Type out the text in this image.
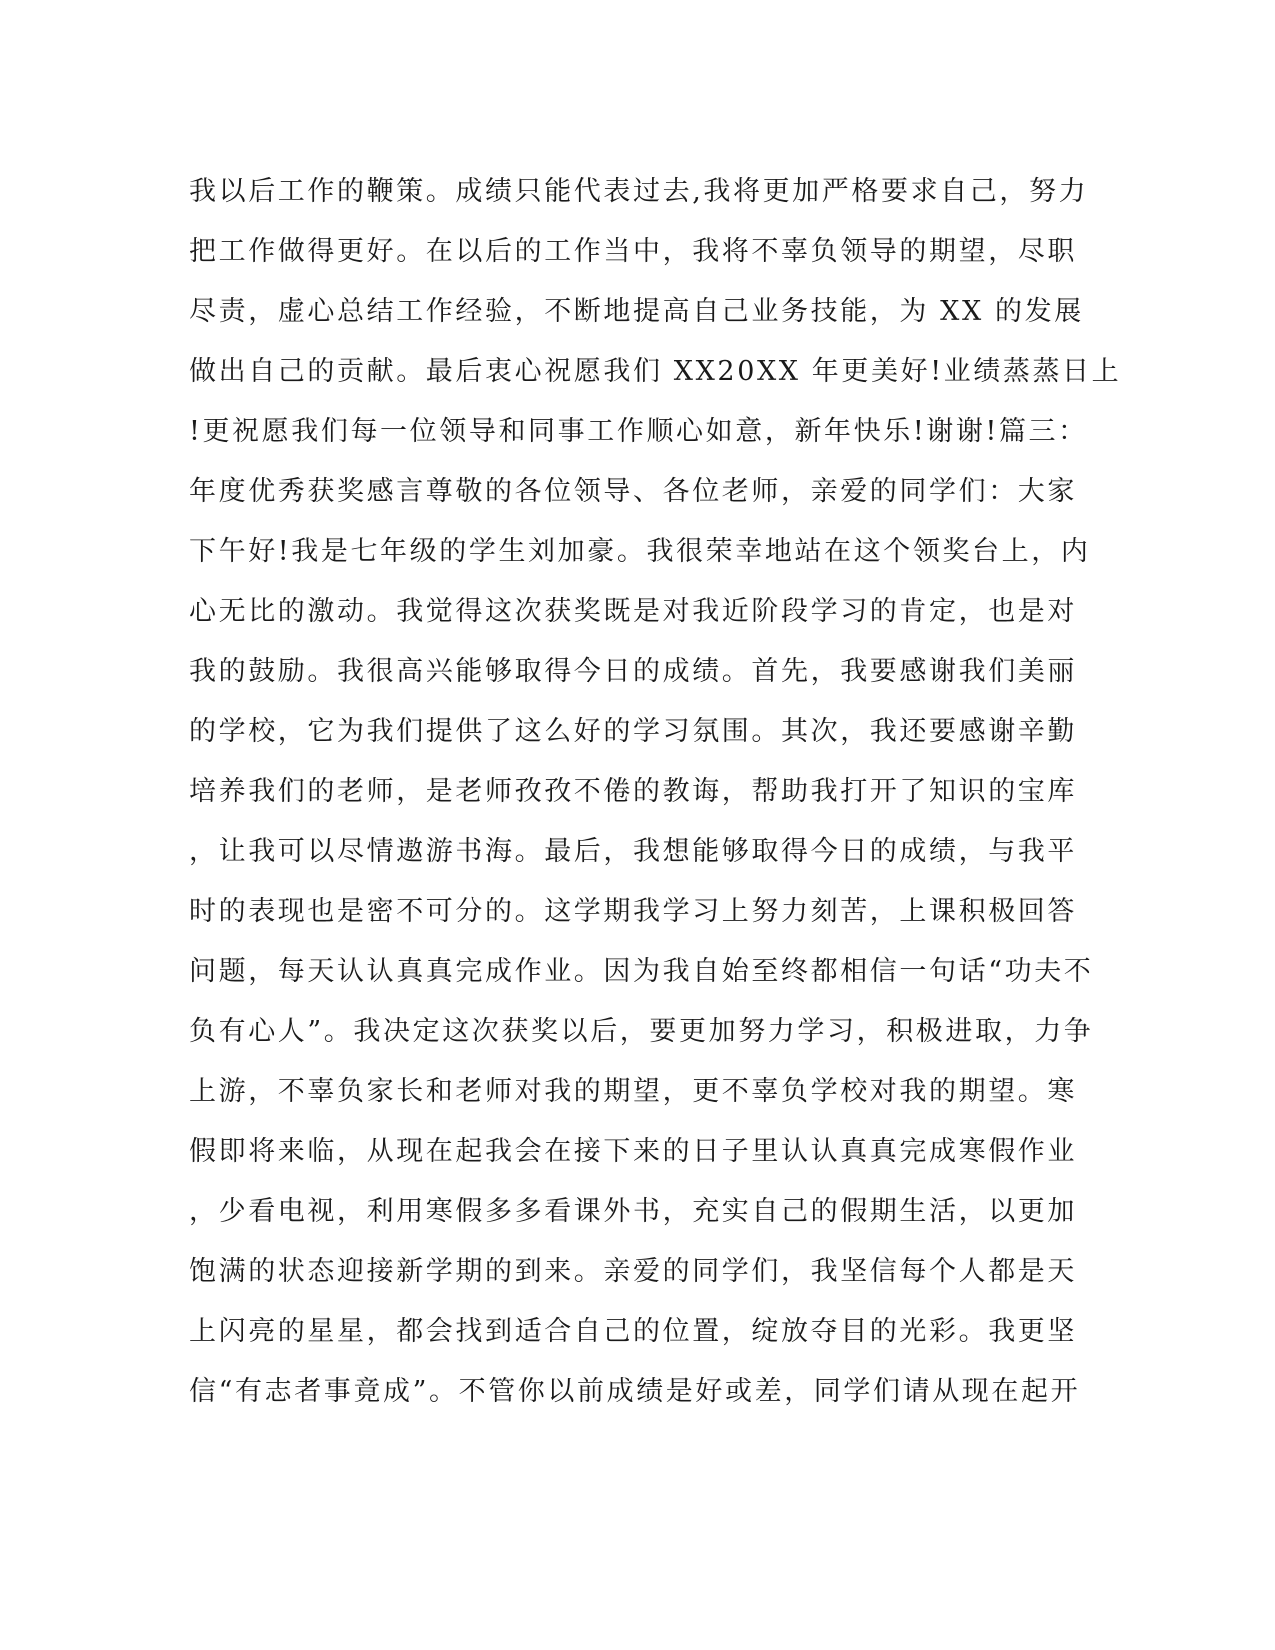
我以后工作的鞭策。成绩只能代表过去,我将更加严格要求自己，努力
把工作做得更好。在以后的工作当中，我将不辜负领导的期望，尽职
尽责，虚心总结工作经验，不断地提高自己业务技能，为 XX 的发展
做出自己的贡献。最后衷心祝愿我们 XX20XX 年更美好!业绩蒸蒸日上
!更祝愿我们每一位领导和同事工作顺心如意，新年快乐!谢谢!篇三：
年度优秀获奖感言尊敬的各位领导、各位老师，亲爱的同学们：大家
下午好!我是七年级的学生刘加豪。我很荣幸地站在这个领奖台上，内
心无比的激动。我觉得这次获奖既是对我近阶段学习的肯定，也是对
我的鼓励。我很高兴能够取得今日的成绩。首先，我要感谢我们美丽
的学校，它为我们提供了这么好的学习氛围。其次，我还要感谢辛勤
培养我们的老师，是老师孜孜不倦的教诲，帮助我打开了知识的宝库
，让我可以尽情遨游书海。最后，我想能够取得今日的成绩，与我平
时的表现也是密不可分的。这学期我学习上努力刻苦，上课积极回答
问题，每天认认真真完成作业。因为我自始至终都相信一句话“功夫不
负有心人”。我决定这次获奖以后，要更加努力学习，积极进取，力争
上游，不辜负家长和老师对我的期望，更不辜负学校对我的期望。寒
假即将来临，从现在起我会在接下来的日子里认认真真完成寒假作业
，少看电视，利用寒假多多看课外书，充实自己的假期生活，以更加
饱满的状态迎接新学期的到来。亲爱的同学们，我坚信每个人都是天
上闪亮的星星，都会找到适合自己的位置，绽放夺目的光彩。我更坚
信“有志者事竟成”。不管你以前成绩是好或差，同学们请从现在起开
